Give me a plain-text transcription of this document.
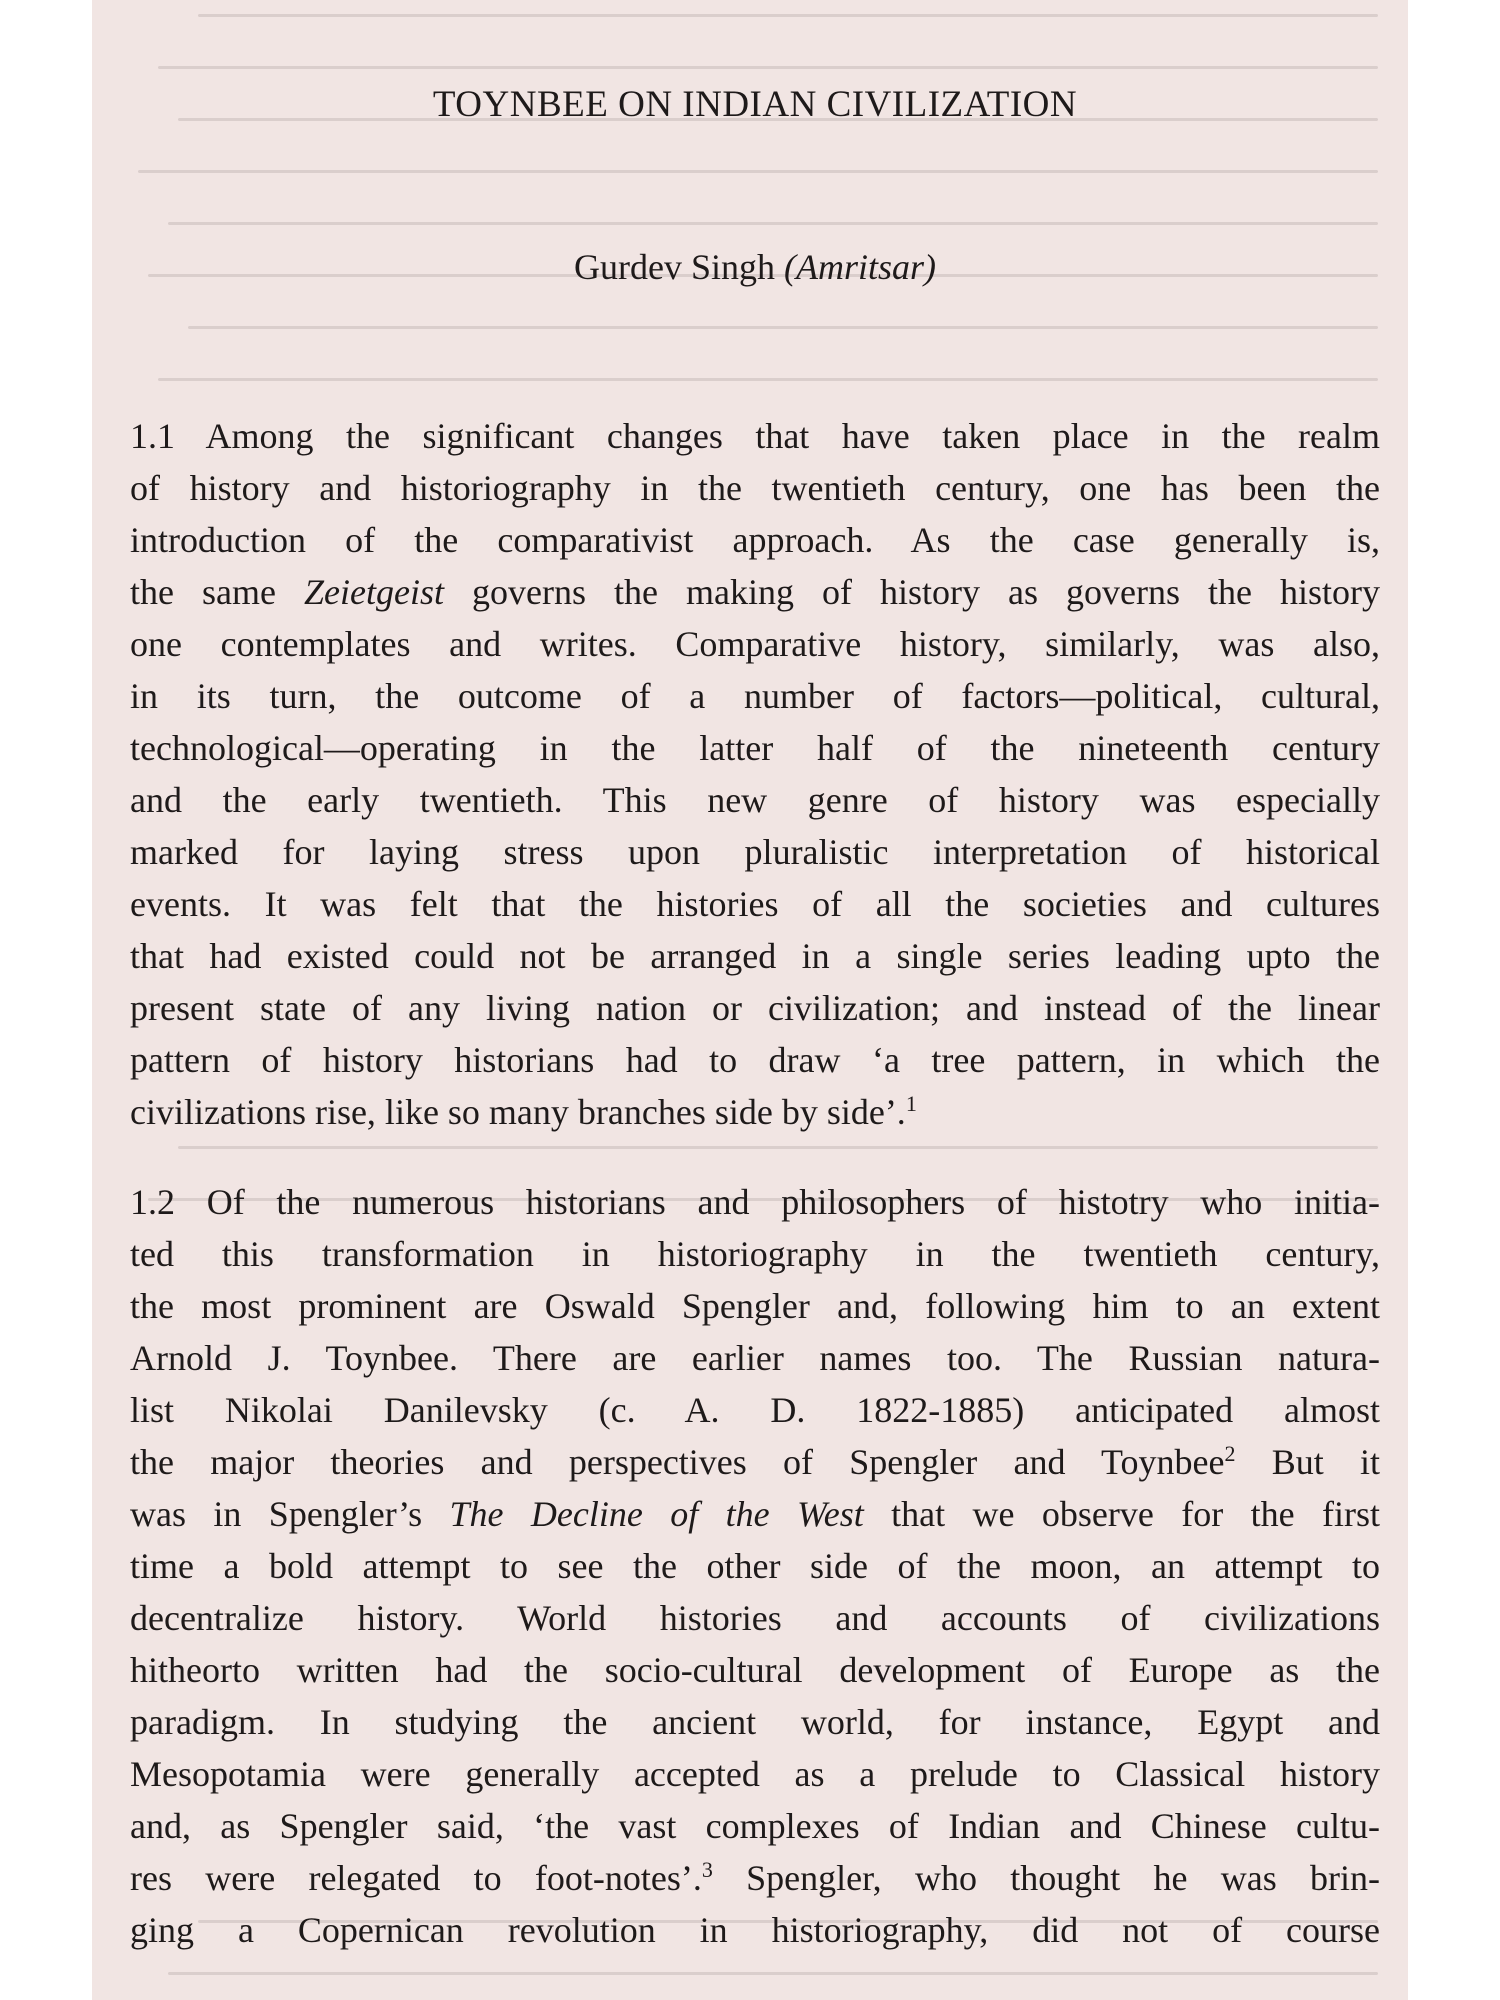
TOYNBEE ON INDIAN CIVILIZATION
Gurdev Singh (Amritsar)
1.1 Among the significant changes that have taken place in the realm
of history and historiography in the twentieth century, one has been the
introduction of the comparativist approach. As the case generally is,
the same Zeietgeist governs the making of history as governs the history
one contemplates and writes. Comparative history, similarly, was also,
in its turn, the outcome of a number of factors—political, cultural,
technological—operating in the latter half of the nineteenth century
and the early twentieth. This new genre of history was especially
marked for laying stress upon pluralistic interpretation of historical
events. It was felt that the histories of all the societies and cultures
that had existed could not be arranged in a single series leading upto the
present state of any living nation or civilization; and instead of the linear
pattern of history historians had to draw ‘a tree pattern, in which the
civilizations rise, like so many branches side by side’.$^1$
1.2 Of the numerous historians and philosophers of histotry who initia-
ted this transformation in historiography in the twentieth century,
the most prominent are Oswald Spengler and, following him to an extent
Arnold J. Toynbee. There are earlier names too. The Russian natura-
list Nikolai Danilevsky (c. A. D. 1822-1885) anticipated almost
the major theories and perspectives of Spengler and Toynbee$^2$ But it
was in Spengler’s The Decline of the West that we observe for the first
time a bold attempt to see the other side of the moon, an attempt to
decentralize history. World histories and accounts of civilizations
hitheorto written had the socio-cultural development of Europe as the
paradigm. In studying the ancient world, for instance, Egypt and
Mesopotamia were generally accepted as a prelude to Classical history
and, as Spengler said, ‘the vast complexes of Indian and Chinese cultu-
res were relegated to foot-notes’.$^3$ Spengler, who thought he was brin-
ging a Copernican revolution in historiography, did not of course
